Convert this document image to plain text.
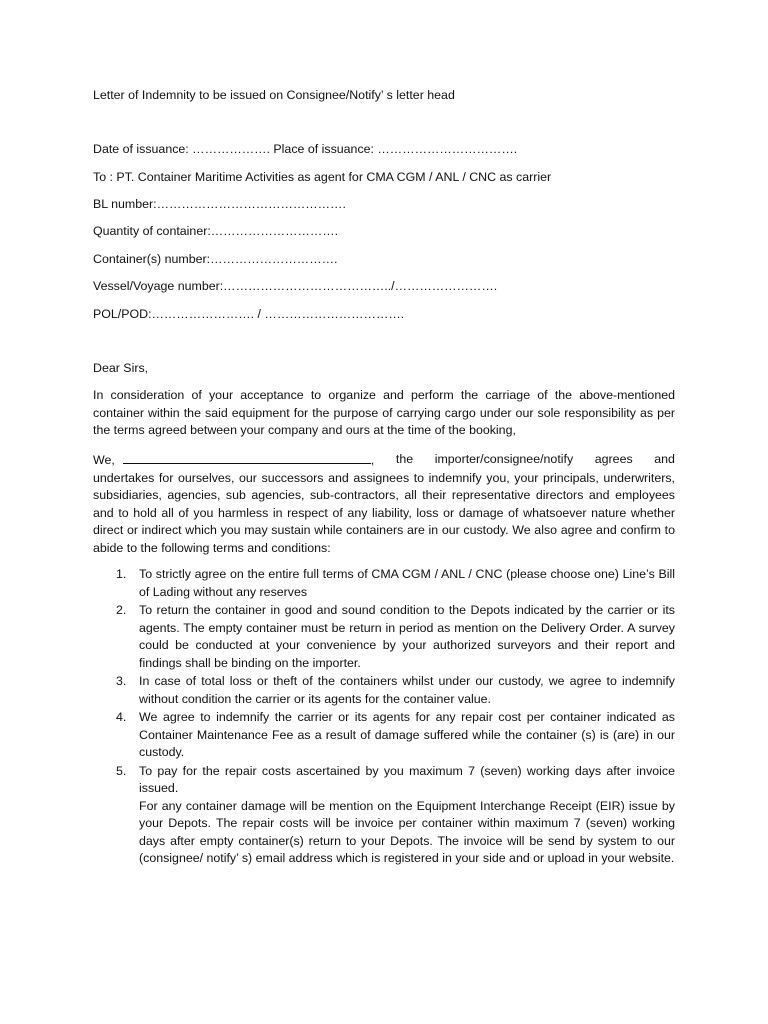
Letter of Indemnity to be issued on Consignee/Notify’ s letter head
Date of issuance: ………………. Place of issuance: …………………………….
To : PT. Container Maritime Activities as agent for CMA CGM / ANL / CNC as carrier
BL number:……………………………………….
Quantity of container:………………………….
Container(s) number:………………………….
Vessel/Voyage number:…………………………………../…………………….
POL/POD:……………………. / …………………………….
Dear Sirs,

In consideration of your acceptance to organize and perform the carriage of the above-mentioned container within the said equipment for the purpose of carrying cargo under our sole responsibility as per the terms agreed between your company and ours at the time of the booking,

We,	, the importer/consignee/notify agrees and

undertakes for ourselves, our successors and assignees to indemnify you, your principals, underwriters, subsidiaries, agencies, sub agencies, sub-contractors, all their representative directors and employees and to hold all of you harmless in respect of any liability, loss or damage of whatsoever nature whether direct or indirect which you may sustain while containers are in our custody. We also agree and confirm to abide to the following terms and conditions:

1. To strictly agree on the entire full terms of CMA CGM / ANL / CNC (please choose one) Line’s Bill of Lading without any reserves
2. To return the container in good and sound condition to the Depots indicated by the carrier or its agents. The empty container must be return in period as mention on the Delivery Order. A survey could be conducted at your convenience by your authorized surveyors and their report and findings shall be binding on the importer.
3. In case of total loss or theft of the containers whilst under our custody, we agree to indemnify without condition the carrier or its agents for the container value.
4. We agree to indemnify the carrier or its agents for any repair cost per container indicated as Container Maintenance Fee as a result of damage suffered while the container (s) is (are) in our custody.
5. To pay for the repair costs ascertained by you maximum 7 (seven) working days after invoice issued.
For any container damage will be mention on the Equipment Interchange Receipt (EIR) issue by your Depots. The repair costs will be invoice per container within maximum 7 (seven) working days after empty container(s) return to your Depots. The invoice will be send by system to our (consignee/ notify’ s) email address which is registered in your side and or upload in your website.
